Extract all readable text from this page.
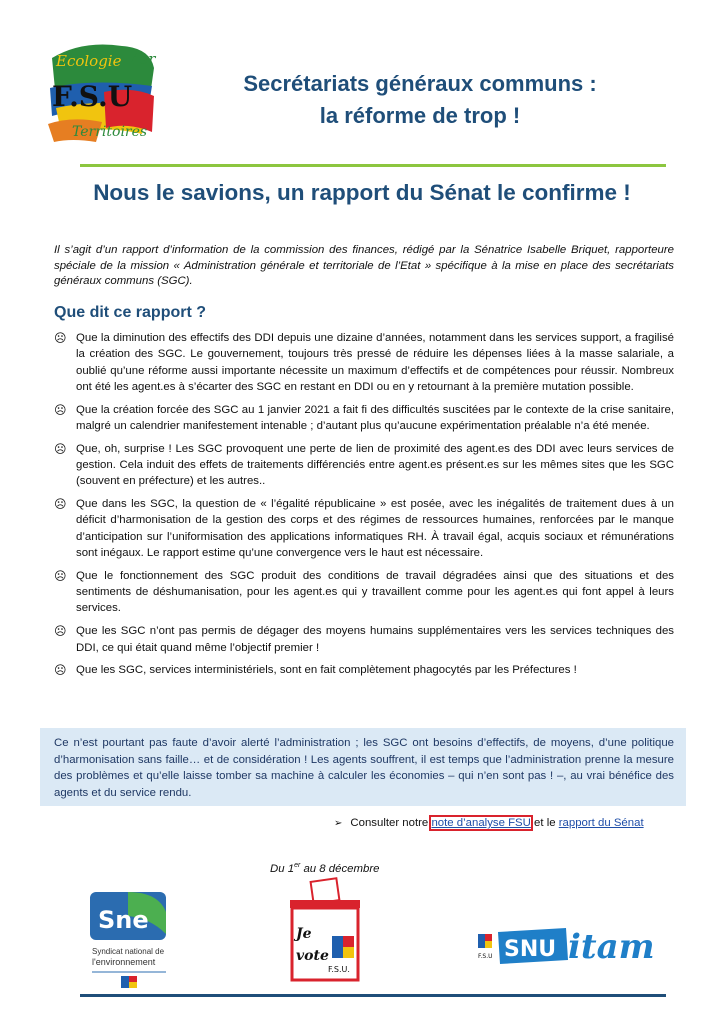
Ecologie Mer
F.S.U
Territoires
Secrétariats généraux communs :
la réforme de trop !
Nous le savions, un rapport du Sénat le confirme !
Il s’agit d’un rapport d’information de la commission des finances, rédigé par la Sénatrice Isabelle Briquet, rapporteure spéciale de la mission « Administration générale et territoriale de l’Etat » spécifique à la mise en place des secrétariats généraux communs (SGC).
Que dit ce rapport ?
☹ Que la diminution des effectifs des DDI depuis une dizaine d’années, notamment dans les services support, a fragilisé la création des SGC. Le gouvernement, toujours très pressé de réduire les dépenses liées à la masse salariale, a oublié qu’une réforme aussi importante nécessite un maximum d’effectifs et de compétences pour réussir. Nombreux ont été les agent.es à s’écarter des SGC en restant en DDI ou en y retournant à la première mutation possible.
☹ Que la création forcée des SGC au 1 janvier 2021 a fait fi des difficultés suscitées par le contexte de la crise sanitaire, malgré un calendrier manifestement intenable ; d’autant plus qu’aucune expérimentation préalable n’a été menée.
☹ Que, oh, surprise ! Les SGC provoquent une perte de lien de proximité des agent.es des DDI avec leurs services de gestion. Cela induit des effets de traitements différenciés entre agent.es présent.es sur les mêmes sites que les SGC (souvent en préfecture) et les autres..
☹ Que dans les SGC, la question de « l’égalité républicaine » est posée, avec les inégalités de traitement dues à un déficit d’harmonisation de la gestion des corps et des régimes de ressources humaines, renforcées par le manque d’anticipation sur l’uniformisation des applications informatiques RH. À travail égal, acquis sociaux et rémunérations sont inégaux. Le rapport estime qu’une convergence vers le haut est nécessaire.
☹ Que le fonctionnement des SGC produit des conditions de travail dégradées ainsi que des situations et des sentiments de déshumanisation, pour les agent.es qui y travaillent comme pour les agent.es qui font appel à leurs services.
☹ Que les SGC n’ont pas permis de dégager des moyens humains supplémentaires vers les services techniques des DDI, ce qui était quand même l’objectif premier !
☹ Que les SGC, services interministériels, sont en fait complètement phagocytés par les Préfectures !
Ce n’est pourtant pas faute d’avoir alerté l’administration ; les SGC ont besoins d’effectifs, de moyens, d’une politique d’harmonisation sans faille… et de considération ! Les agents souffrent, il est temps que l’administration prenne la mesure des problèmes et qu’elle laisse tomber sa machine à calculer les économies – qui n’en sont pas ! –, au vrai bénéfice des agents et du service rendu.
➢ Consulter notre note d’analyse FSU et le rapport du Sénat
Du 1er au 8 décembre
Sne
Syndicat national de
l'environnement
Je
vote
F.S.U.
F.S.U SNU itam
